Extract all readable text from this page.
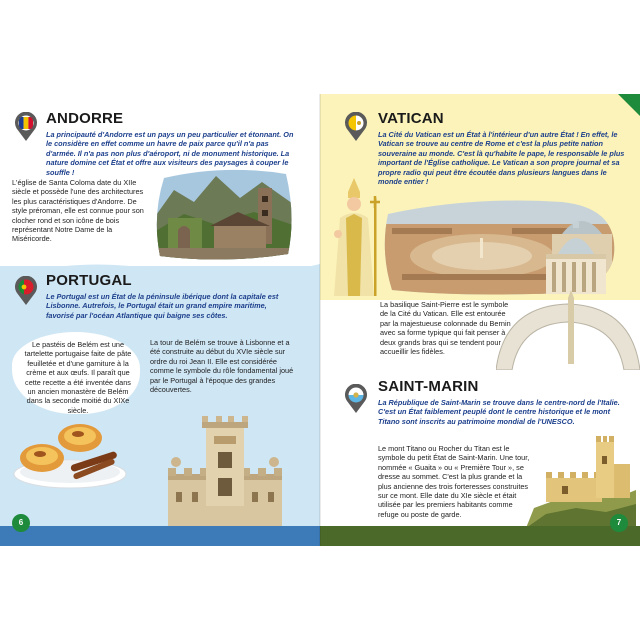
ANDORRE

La principauté d'Andorre est un pays un peu particulier et étonnant. On le considère en effet comme un havre de paix parce qu'il n'a pas d'armée. Il n'a pas non plus d'aéroport, ni de monument historique. La nature domine cet État et offre aux visiteurs des paysages à couper le souffle !

L'église de Santa Coloma date du XIIe siècle et possède l'une des architectures les plus caractéristiques d'Andorre. De style préroman, elle est connue pour son clocher rond et son icône de bois représentant Notre Dame de la Miséricorde.

PORTUGAL

Le Portugal est un État de la péninsule ibérique dont la capitale est Lisbonne. Autrefois, le Portugal était un grand empire maritime, favorisé par l'océan Atlantique qui baigne ses côtes.

Le pastéis de Belém est une tartelette portugaise faite de pâte feuilletée et d'une garniture à la crème et aux œufs. Il paraît que cette recette a été inventée dans un ancien monastère de Belém dans la seconde moitié du XIXe siècle.

La tour de Belém se trouve à Lisbonne et a été construite au début du XVIe siècle sur ordre du roi Jean II. Elle est considérée comme le symbole du rôle fondamental joué par le Portugal à l'époque des grandes découvertes.

6
VATICAN

La Cité du Vatican est un État à l'intérieur d'un autre État ! En effet, le Vatican se trouve au centre de Rome et c'est la plus petite nation souveraine au monde. C'est là qu'habite le pape, le responsable le plus important de l'Église catholique. Le Vatican a son propre journal et sa propre radio qui peut être écoutée dans plusieurs langues dans le monde entier !

La basilique Saint-Pierre est le symbole de la Cité du Vatican. Elle est entourée par la majestueuse colonnade du Bernin avec sa forme typique qui fait penser à deux grands bras qui se tendent pour accueillir les fidèles.

SAINT-MARIN

La République de Saint-Marin se trouve dans le centre-nord de l'Italie. C'est un État faiblement peuplé dont le centre historique et le mont Titano sont inscrits au patrimoine mondial de l'UNESCO.

Le mont Titano ou Rocher du Titan est le symbole du petit État de Saint-Marin. Une tour, nommée « Guaita » ou « Première Tour », se dresse au sommet. C'est la plus grande et la plus ancienne des trois forteresses construites sur ce mont. Elle date du XIe siècle et était utilisée par les premiers habitants comme refuge ou poste de garde.

7
